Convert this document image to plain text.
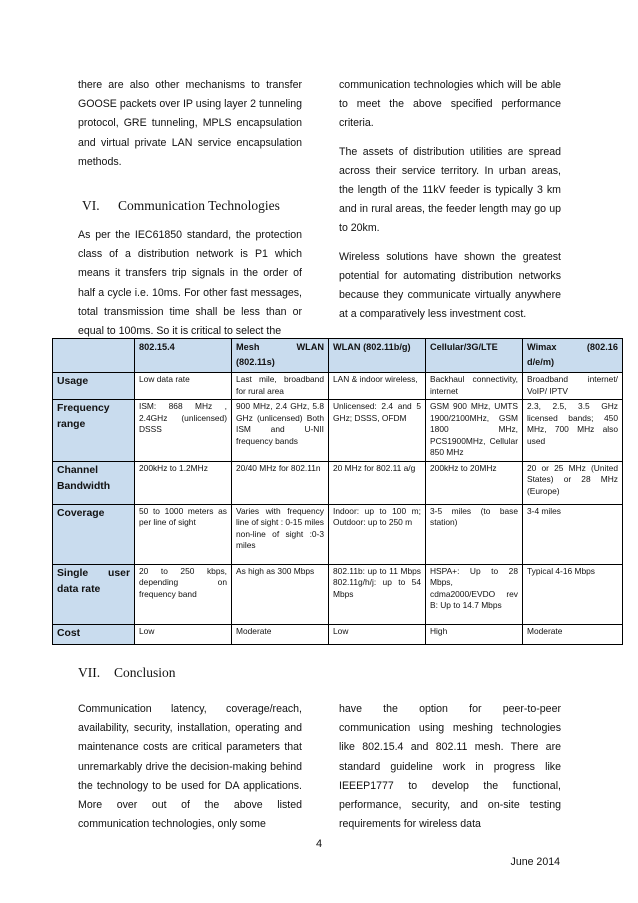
there are also other mechanisms to transfer GOOSE packets over IP using layer 2 tunneling protocol, GRE tunneling, MPLS encapsulation and virtual private LAN service encapsulation methods.

VI. Communication Technologies

As per the IEC61850 standard, the protection class of a distribution network is P1 which means it transfers trip signals in the order of half a cycle i.e. 10ms. For other fast messages, total transmission time shall be less than or equal to 100ms. So it is critical to select the

communication technologies which will be able to meet the above specified performance criteria.

The assets of distribution utilities are spread across their service territory. In urban areas, the length of the 11kV feeder is typically 3 km and in rural areas, the feeder length may go up to 20km.

Wireless solutions have shown the greatest potential for automating distribution networks because they communicate virtually anywhere at a comparatively less investment cost.

	802.15.4	Mesh WLAN (802.11s)	WLAN (802.11b/g)	Cellular/3G/LTE	Wimax (802.16 d/e/m)
Usage	Low data rate	Last mile, broadband for rural area	LAN & indoor wireless,	Backhaul connectivity, internet	Broadband internet/ VoIP/ IPTV
Frequency range	ISM: 868 MHz , 2.4GHz (unlicensed) DSSS	900 MHz, 2.4 GHz, 5.8 GHz (unlicensed) Both ISM and U-NII frequency bands	Unlicensed: 2.4 and 5 GHz; DSSS, OFDM	GSM 900 MHz, UMTS 1900/2100MHz, GSM 1800 MHz, PCS1900MHz, Cellular 850 MHz	2.3, 2.5, 3.5 GHz licensed bands; 450 MHz, 700 MHz also used
Channel Bandwidth	200kHz to 1.2MHz	20/40 MHz for 802.11n	20 MHz for 802.11 a/g	200kHz to 20MHz	20 or 25 MHz (United States) or 28 MHz (Europe)
Coverage	50 to 1000 meters as per line of sight	Varies with frequency line of sight : 0-15 miles non-line of sight :0-3 miles	Indoor: up to 100 m; Outdoor: up to 250 m	3-5 miles (to base station)	3-4 miles
Single user data rate	20 to 250 kbps, depending on frequency band	As high as 300 Mbps	802.11b: up to 11 Mbps 802.11g/h/j: up to 54 Mbps	HSPA+: Up to 28 Mbps, cdma2000/EVDO rev B: Up to 14.7 Mbps	Typical 4-16 Mbps
Cost	Low	Moderate	Low	High	Moderate
VII. Conclusion

Communication latency, coverage/reach, availability, security, installation, operating and maintenance costs are critical parameters that unremarkably drive the decision-making behind the technology to be used for DA applications. More over out of the above listed communication technologies, only some

have the option for peer-to-peer communication using meshing technologies like 802.15.4 and 802.11 mesh. There are standard guideline work in progress like IEEEP1777 to develop the functional, performance, security, and on-site testing requirements for wireless data

4
June 2014
